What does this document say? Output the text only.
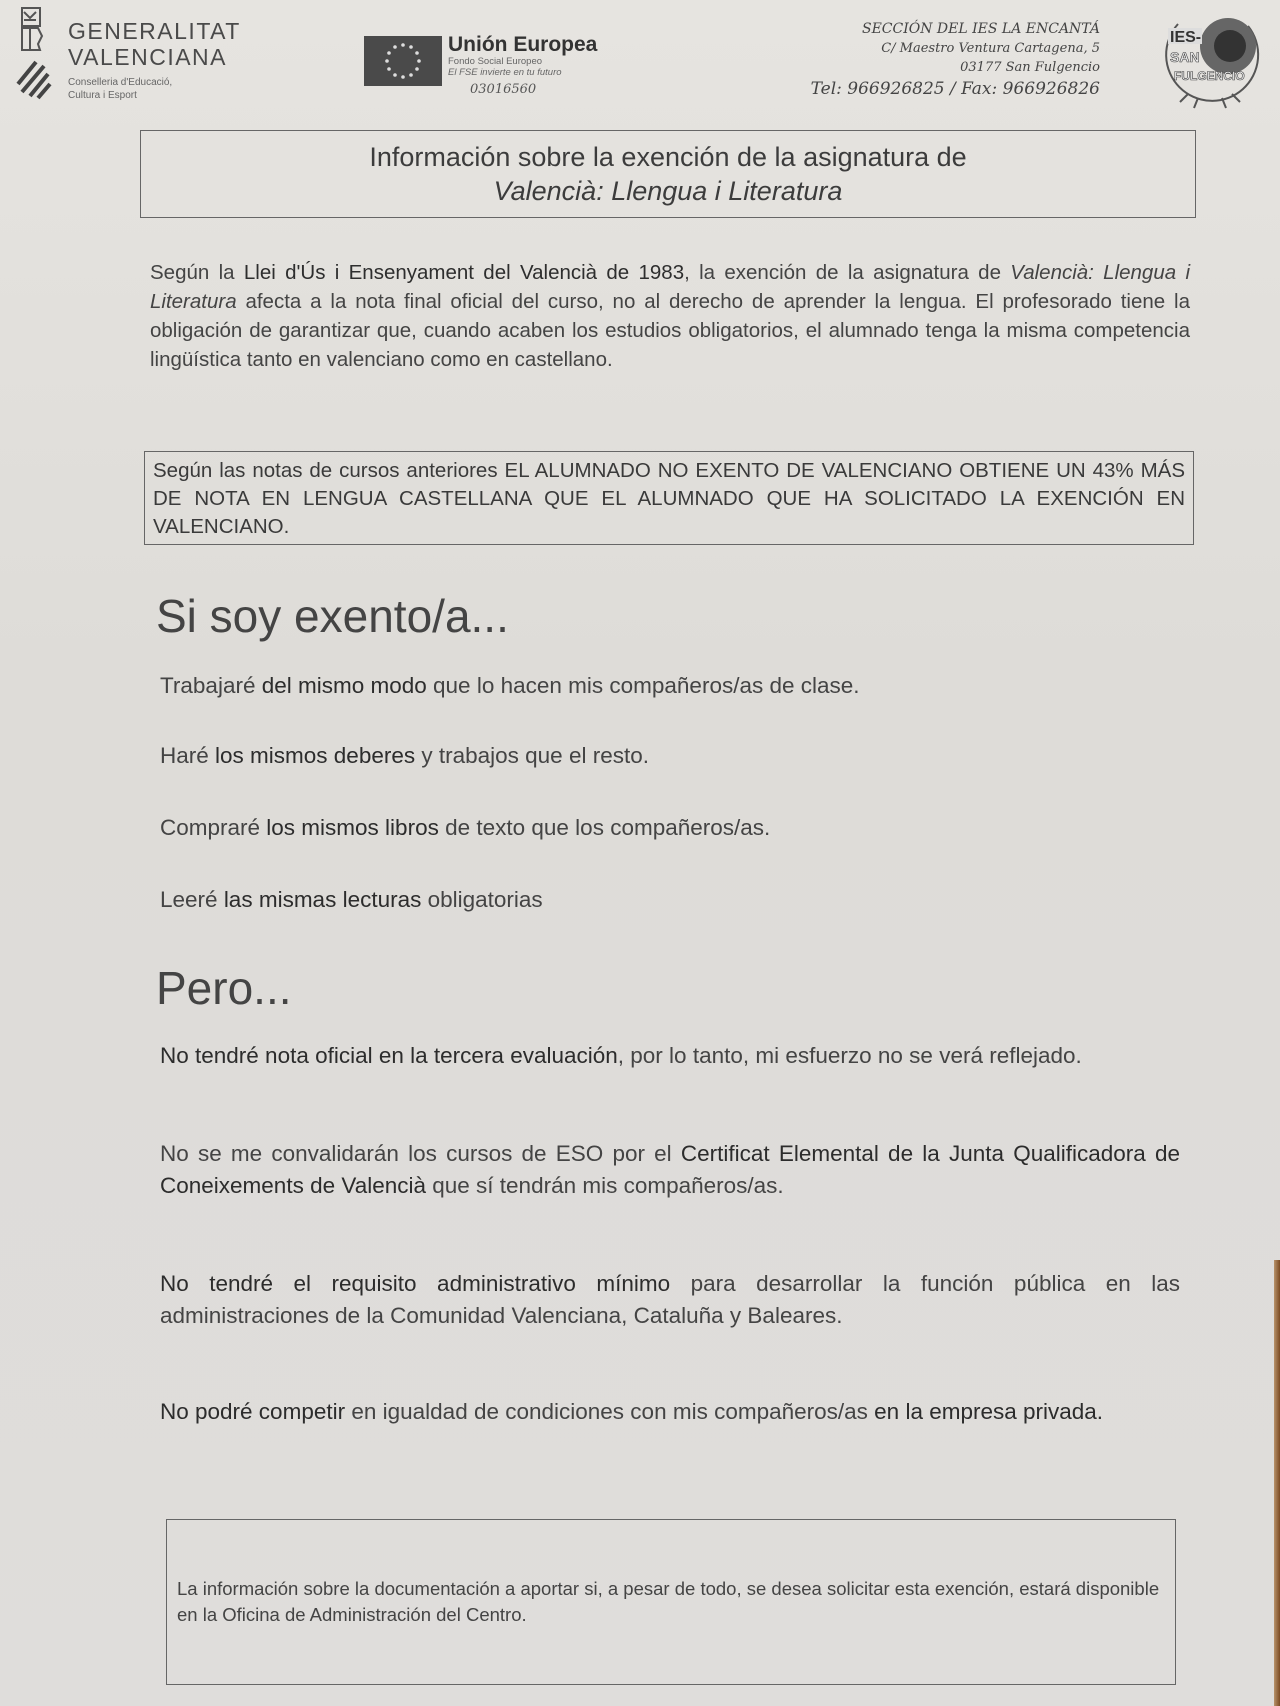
GENERALITAT
VALENCIANA
Conselleria d'Educació,
Cultura i Esport
Unión Europea
Fondo Social Europeo
El FSE invierte en tu futuro
03016560
SECCIÓN DEL IES LA ENCANTÁ
C/ Maestro Ventura Cartagena, 5
03177 San Fulgencio
Tel: 966926825 / Fax: 966926826
IES-
SAN
FULGENCIO
Información sobre la exención de la asignatura de
Valencià: Llengua i Literatura
Según la Llei d'Ús i Ensenyament del Valencià de 1983, la exención de la asignatura de Valencià: Llengua i Literatura afecta a la nota final oficial del curso, no al derecho de aprender la lengua. El profesorado tiene la obligación de garantizar que, cuando acaben los estudios obligatorios, el alumnado tenga la misma competencia lingüística tanto en valenciano como en castellano.
Según las notas de cursos anteriores EL ALUMNADO NO EXENTO DE VALENCIANO OBTIENE UN 43% MÁS DE NOTA EN LENGUA CASTELLANA QUE EL ALUMNADO QUE HA SOLICITADO LA EXENCIÓN EN VALENCIANO.
Si soy exento/a...
Trabajaré del mismo modo que lo hacen mis compañeros/as de clase.
Haré los mismos deberes y trabajos que el resto.
Compraré los mismos libros de texto que los compañeros/as.
Leeré las mismas lecturas obligatorias
Pero...
No tendré nota oficial en la tercera evaluación, por lo tanto, mi esfuerzo no se verá reflejado.
No se me convalidarán los cursos de ESO por el Certificat Elemental de la Junta Qualificadora de Coneixements de Valencià que sí tendrán mis compañeros/as.
No tendré el requisito administrativo mínimo para desarrollar la función pública en las administraciones de la Comunidad Valenciana, Cataluña y Baleares.
No podré competir en igualdad de condiciones con mis compañeros/as en la empresa privada.
La información sobre la documentación a aportar si, a pesar de todo, se desea solicitar esta exención, estará disponible en la Oficina de Administración del Centro.
